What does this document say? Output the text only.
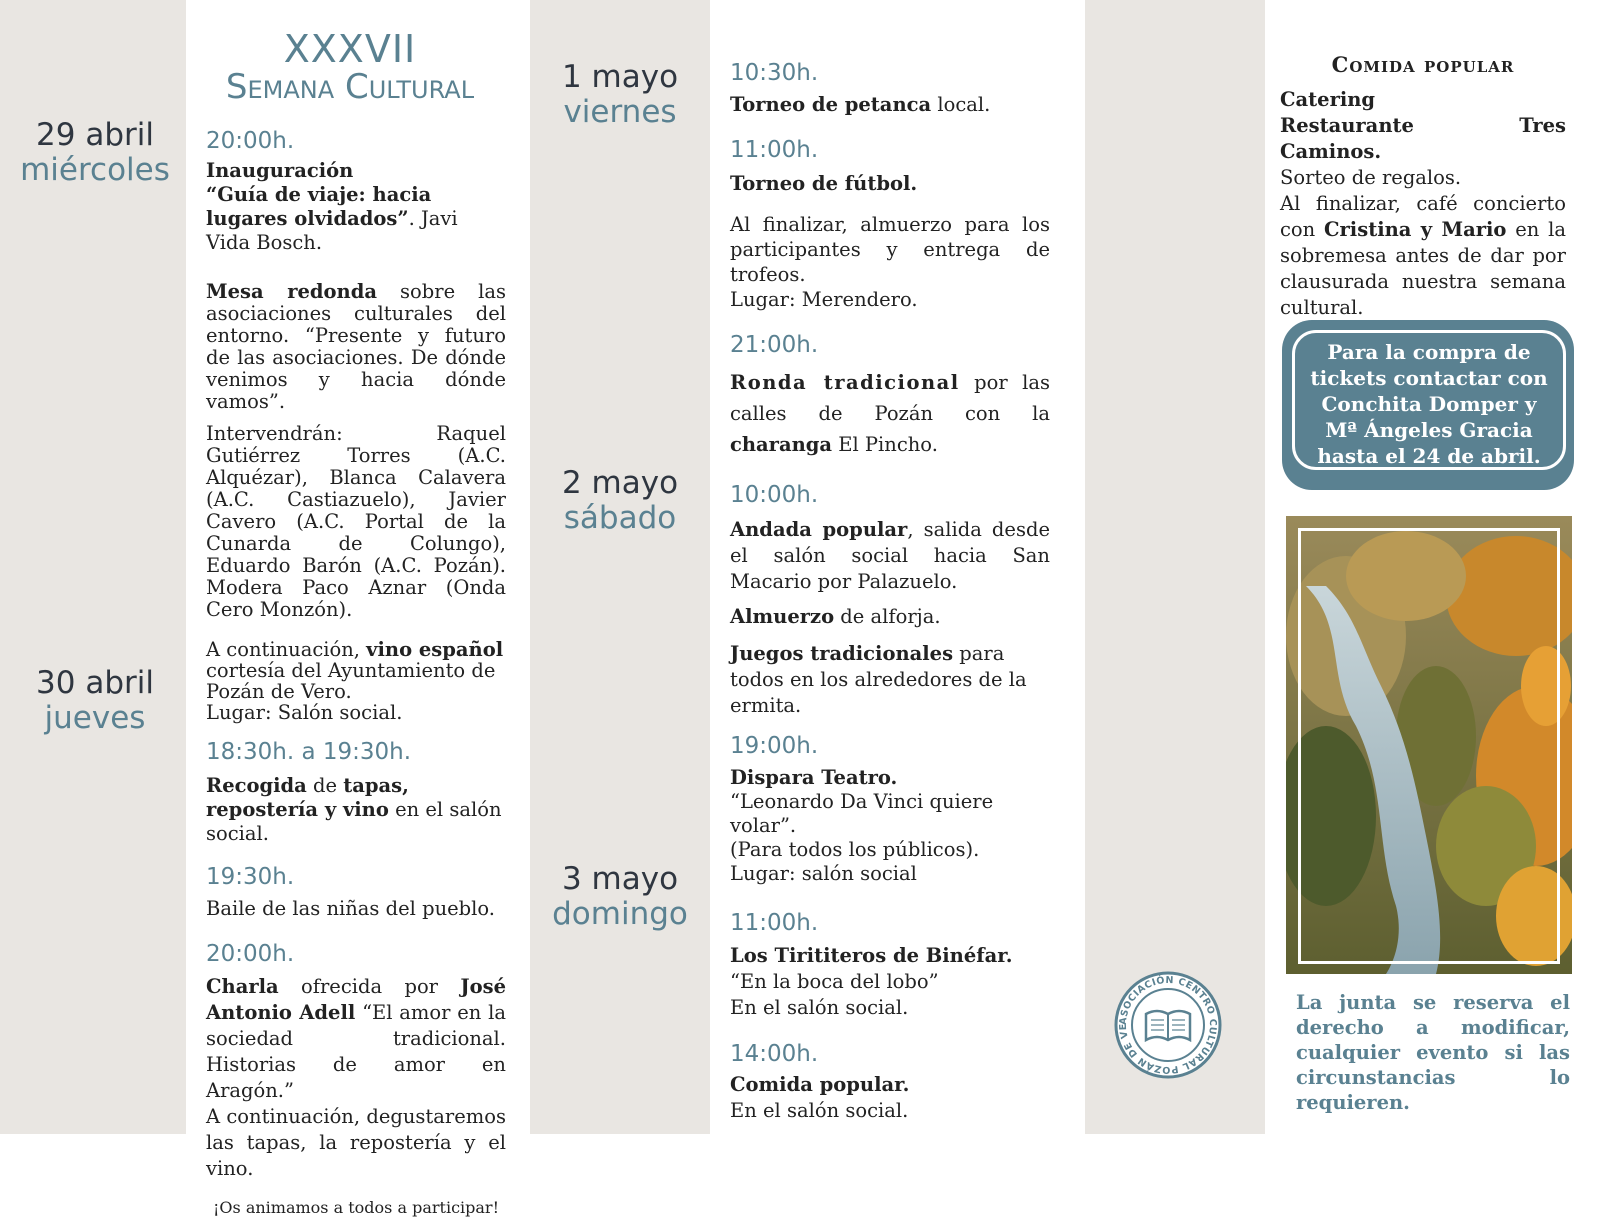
XXXVII
Semana Cultural
29 abril
miércoles
30 abril
jueves
20:00h.
Inauguración
“Guía de viaje: hacia lugares olvidados”. Javi Vida Bosch.
Mesa redonda sobre las asociaciones culturales del entorno. “Presente y futuro de las asociaciones. De dónde venimos y hacia dónde vamos”.
Intervendrán: Raquel Gutiérrez Torres (A.C. Alquézar), Blanca Calavera (A.C. Castiazuelo), Javier Cavero (A.C. Portal de la Cunarda de Colungo), Eduardo Barón (A.C. Pozán). Modera Paco Aznar (Onda Cero Monzón).
A continuación, vino español cortesía del Ayuntamiento de Pozán de Vero.
Lugar: Salón social.
18:30h. a 19:30h.
Recogida de tapas, repostería y vino en el salón social.
19:30h.
Baile de las niñas del pueblo.
20:00h.
Charla ofrecida por José Antonio Adell “El amor en la sociedad tradicional. Historias de amor en Aragón.”
A continuación, degustaremos las tapas, la repostería y el vino.
¡Os animamos a todos a participar!
1 mayo
viernes
2 mayo
sábado
3 mayo
domingo
10:30h.
Torneo de petanca local.
11:00h.
Torneo de fútbol.
Al finalizar, almuerzo para los participantes y entrega de trofeos.
Lugar: Merendero.
21:00h.
Ronda tradicional por las calles de Pozán con la charanga El Pincho.
10:00h.
Andada popular, salida desde el salón social hacia San Macario por Palazuelo.
Almuerzo de alforja.
Juegos tradicionales para todos en los alrededores de la ermita.
19:00h.
Dispara Teatro.
“Leonardo Da Vinci quiere volar”.
(Para todos los públicos).
Lugar: salón social
11:00h.
Los Tirititeros de Binéfar.
“En la boca del lobo”
En el salón social.
14:00h.
Comida popular.
En el salón social.
ASOCIACIÓN CENTRO CULTURAL POZÁN DE VE
Comida popular
Catering
Restaurante Tres Caminos.
Sorteo de regalos.
Al finalizar, café concierto con Cristina y Mario en la sobremesa antes de dar por clausurada nuestra semana cultural.
Para la compra de tickets contactar con Conchita Domper y Mª Ángeles Gracia hasta el 24 de abril.
La junta se reserva el derecho a modificar, cualquier evento si las circunstancias lo requieren.
